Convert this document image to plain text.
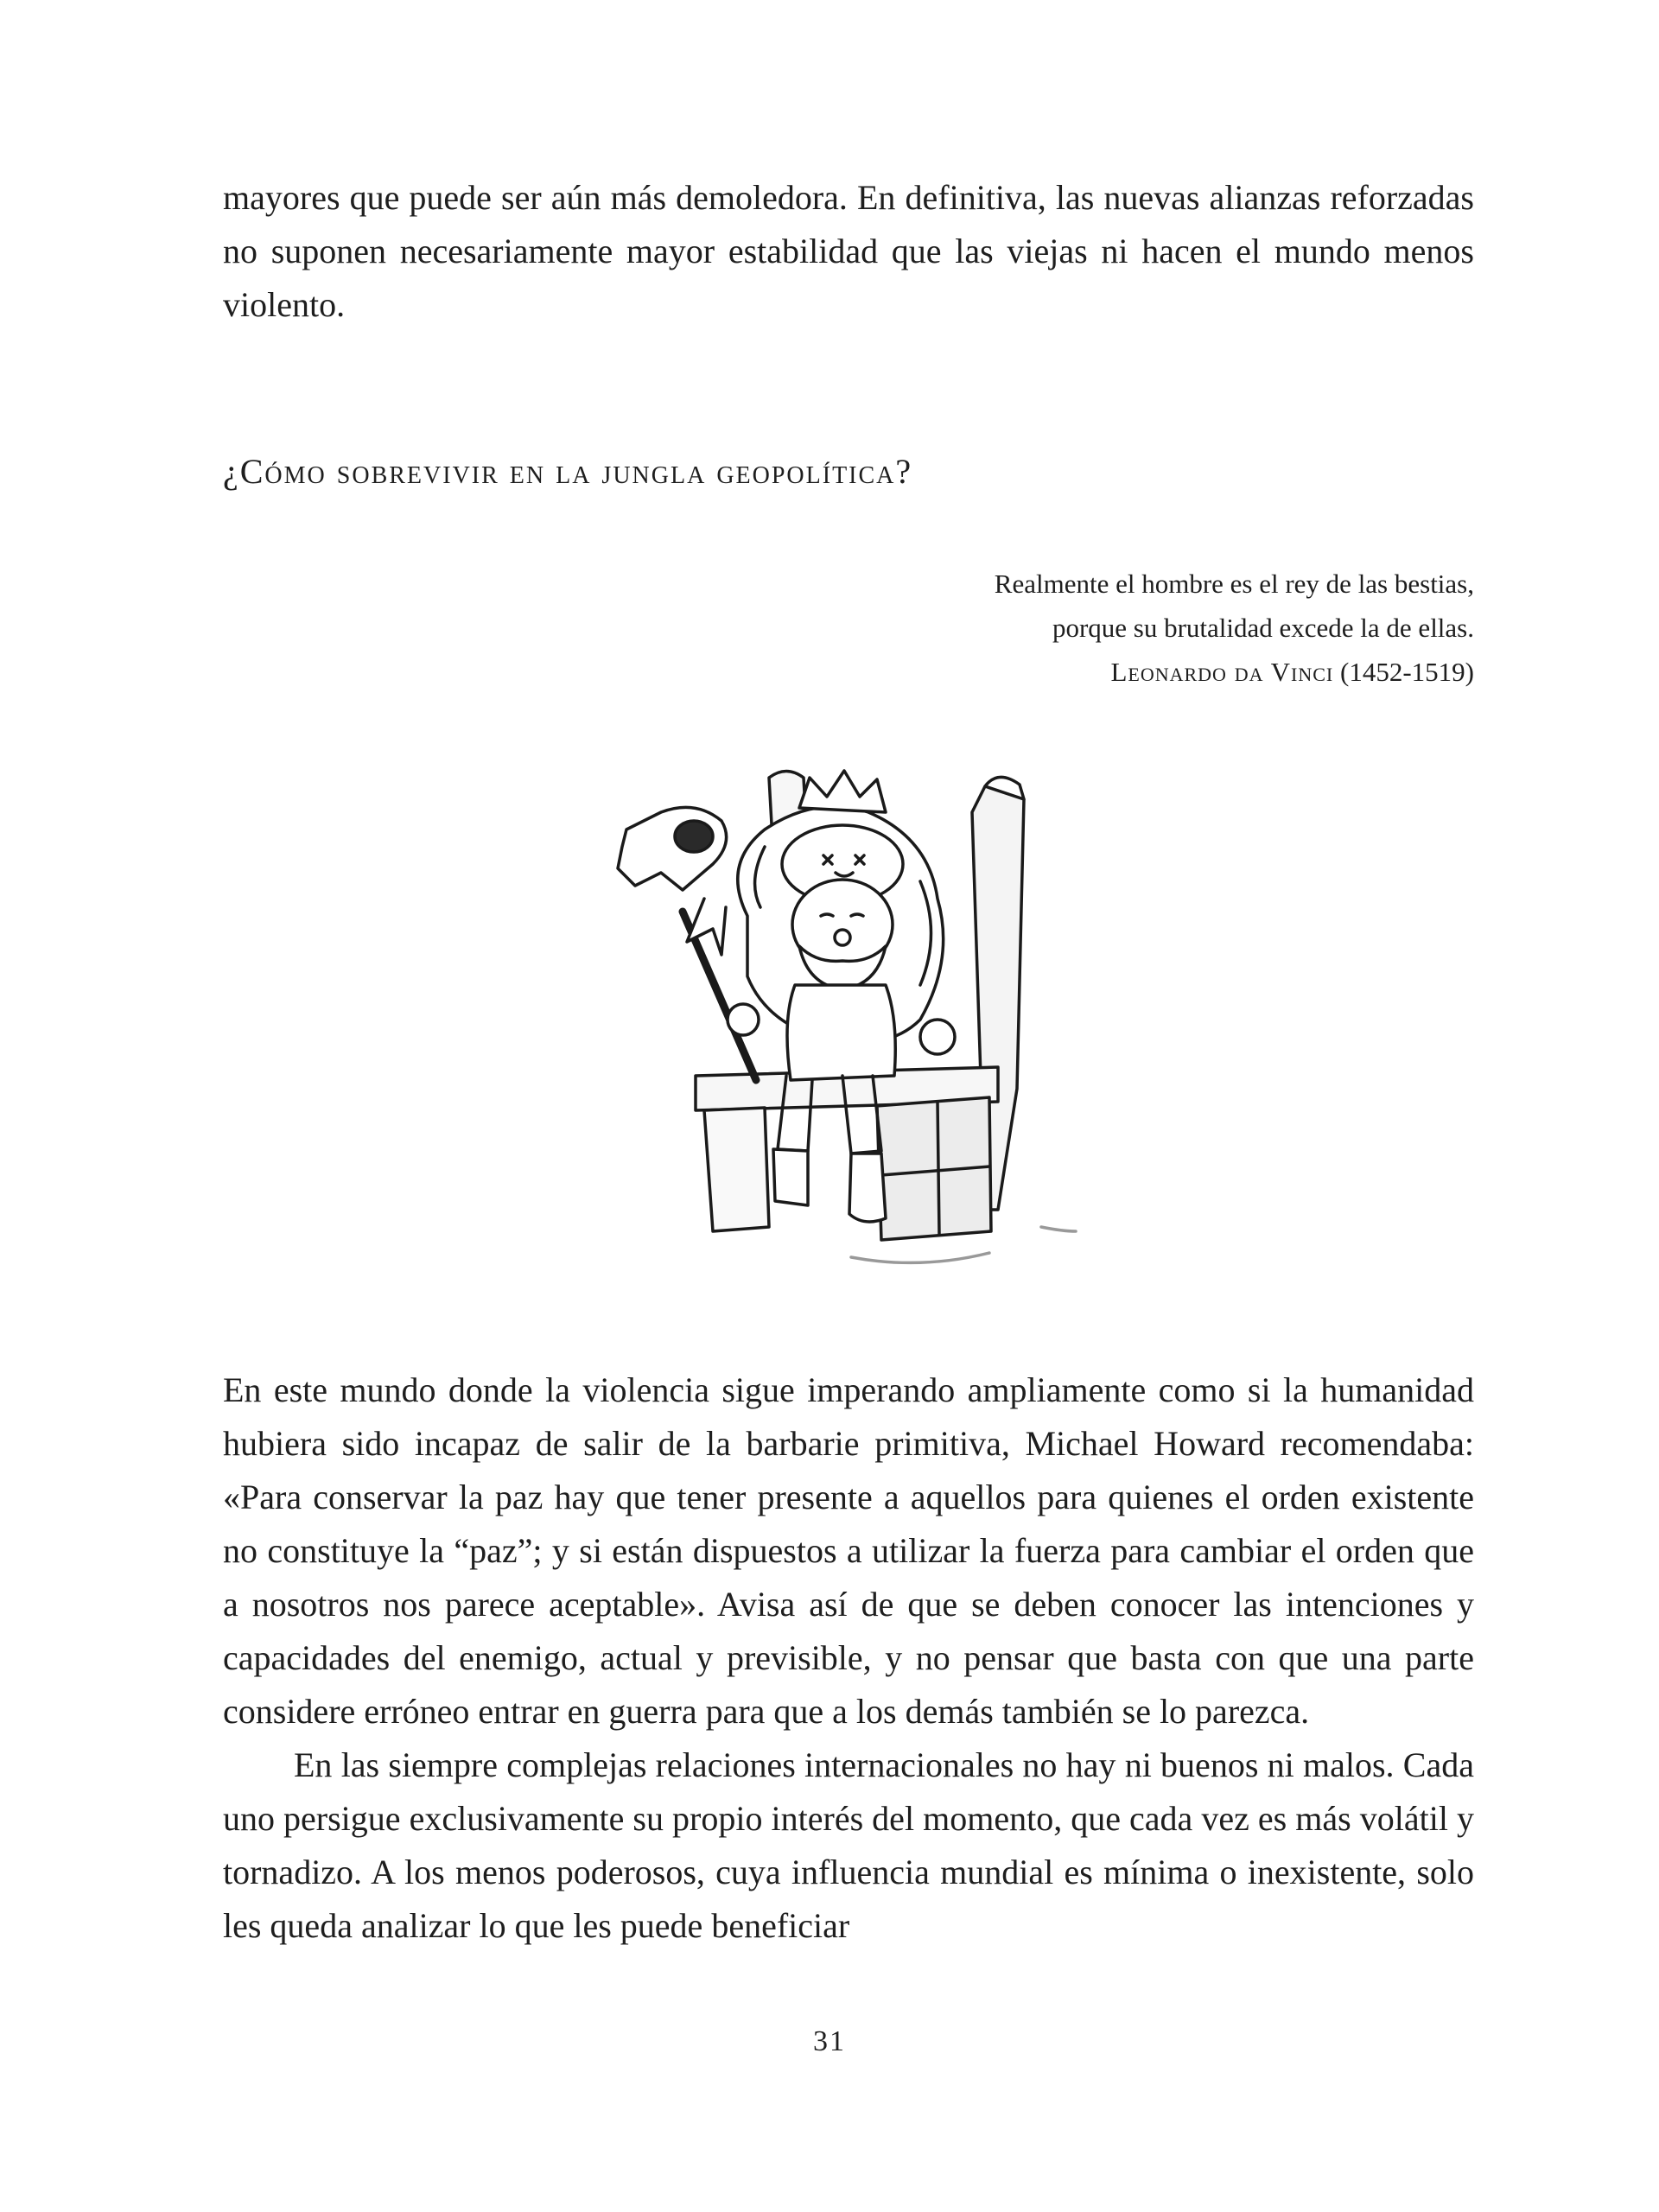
mayores que puede ser aún más demoledora. En definitiva, las nuevas alianzas reforzadas no suponen necesariamente mayor estabilidad que las viejas ni hacen el mundo menos violento.

¿Cómo sobrevivir en la jungla geopolítica?
Realmente el hombre es el rey de las bestias,
porque su brutalidad excede la de ellas.
Leonardo da Vinci (1452-1519)

En este mundo donde la violencia sigue imperando ampliamente como si la humanidad hubiera sido incapaz de salir de la barbarie primitiva, Michael Howard recomendaba: «Para conservar la paz hay que tener presente a aquellos para quienes el orden existente no constituye la “paz”; y si están dispuestos a utilizar la fuerza para cambiar el orden que a nosotros nos parece aceptable». Avisa así de que se deben conocer las intenciones y capacidades del enemigo, actual y previsible, y no pensar que basta con que una parte considere erróneo entrar en guerra para que a los demás también se lo parezca.

En las siempre complejas relaciones internacionales no hay ni buenos ni malos. Cada uno persigue exclusivamente su propio interés del momento, que cada vez es más volátil y tornadizo. A los menos poderosos, cuya influencia mundial es mínima o inexistente, solo les queda analizar lo que les puede beneficiar

31
